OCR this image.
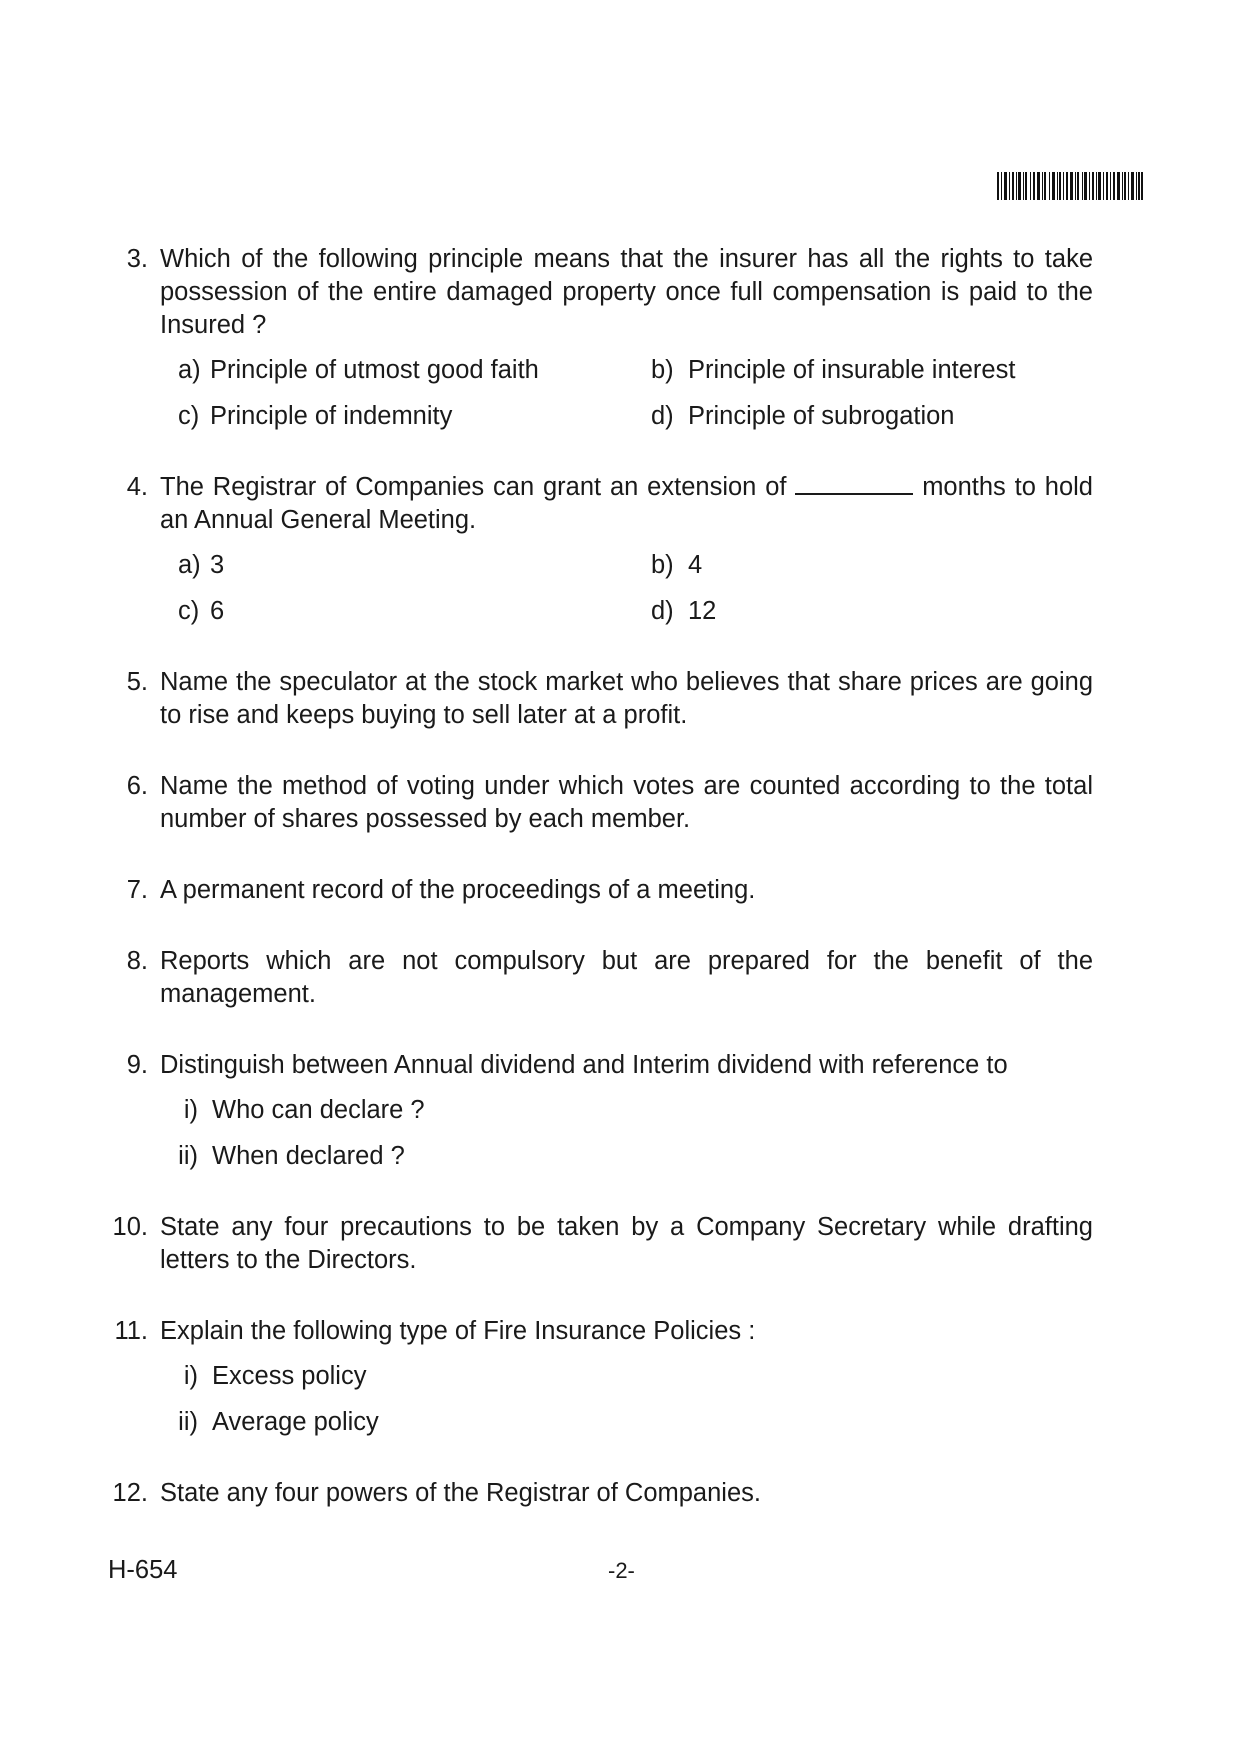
3. Which of the following principle means that the insurer has all the rights to take possession of the entire damaged property once full compensation is paid to the Insured ?
a) Principle of utmost good faith	b) Principle of insurable interest
c) Principle of indemnity	d) Principle of subrogation
4. The Registrar of Companies can grant an extension of	months to hold an Annual General Meeting.
a) 3	b) 4
c) 6	d) 12
5. Name the speculator at the stock market who believes that share prices are going to rise and keeps buying to sell later at a profit.
6. Name the method of voting under which votes are counted according to the total number of shares possessed by each member.
7. A permanent record of the proceedings of a meeting.
8. Reports which are not compulsory but are prepared for the benefit of the management.
9. Distinguish between Annual dividend and Interim dividend with reference to
i) Who can declare ?
ii) When declared ?
10. State any four precautions to be taken by a Company Secretary while drafting letters to the Directors.
11. Explain the following type of Fire Insurance Policies :
i) Excess policy
ii) Average policy
12. State any four powers of the Registrar of Companies.
H-654	-2-
